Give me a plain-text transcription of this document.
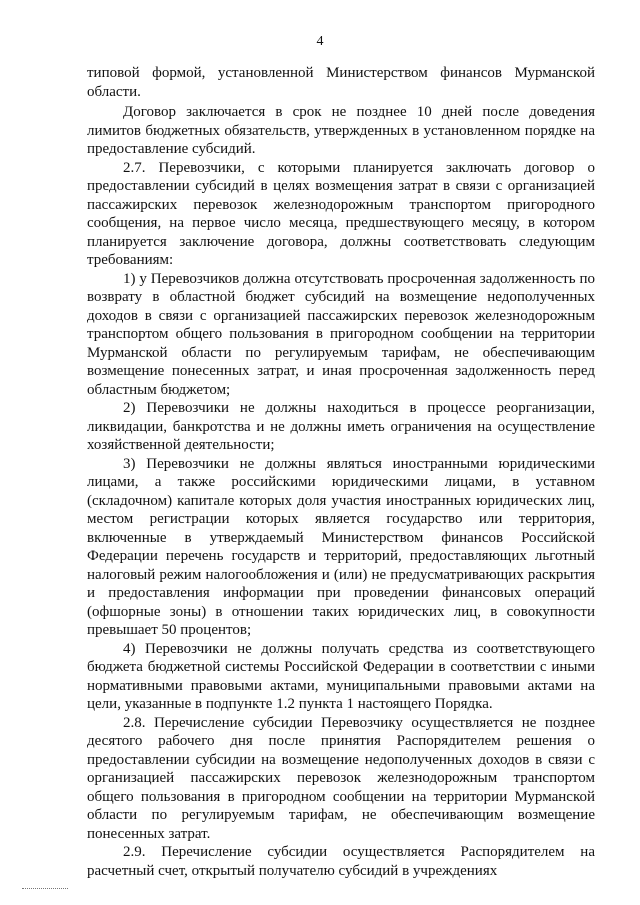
4

типовой формой, установленной Министерством финансов Мурманской области.

Договор заключается в срок не позднее 10 дней после доведения лимитов бюджетных обязательств, утвержденных в установленном порядке на предоставление субсидий.

2.7. Перевозчики, с которыми планируется заключать договор о предоставлении субсидий в целях возмещения затрат в связи с организацией пассажирских перевозок железнодорожным транспортом пригородного сообщения, на первое число месяца, предшествующего месяцу, в котором планируется заключение договора, должны соответствовать следующим требованиям:

1) у Перевозчиков должна отсутствовать просроченная задолженность по возврату в областной бюджет субсидий на возмещение недополученных доходов в связи с организацией пассажирских перевозок железнодорожным транспортом общего пользования в пригородном сообщении на территории Мурманской области по регулируемым тарифам, не обеспечивающим возмещение понесенных затрат, и иная просроченная задолженность перед областным бюджетом;

2) Перевозчики не должны находиться в процессе реорганизации, ликвидации, банкротства и не должны иметь ограничения на осуществление хозяйственной деятельности;

3) Перевозчики не должны являться иностранными юридическими лицами, а также российскими юридическими лицами, в уставном (складочном) капитале которых доля участия иностранных юридических лиц, местом регистрации которых является государство или территория, включенные в утверждаемый Министерством финансов Российской Федерации перечень государств и территорий, предоставляющих льготный налоговый режим налогообложения и (или) не предусматривающих раскрытия и предоставления информации при проведении финансовых операций (офшорные зоны) в отношении таких юридических лиц, в совокупности превышает 50 процентов;

4) Перевозчики не должны получать средства из соответствующего бюджета бюджетной системы Российской Федерации в соответствии с иными нормативными правовыми актами, муниципальными правовыми актами на цели, указанные в подпункте 1.2 пункта 1 настоящего Порядка.

2.8. Перечисление субсидии Перевозчику осуществляется не позднее десятого рабочего дня после принятия Распорядителем решения о предоставлении субсидии на возмещение недополученных доходов в связи с организацией пассажирских перевозок железнодорожным транспортом общего пользования в пригородном сообщении на территории Мурманской области по регулируемым тарифам, не обеспечивающим возмещение понесенных затрат.

2.9. Перечисление субсидии осуществляется Распорядителем на расчетный счет, открытый получателю субсидий в учреждениях
